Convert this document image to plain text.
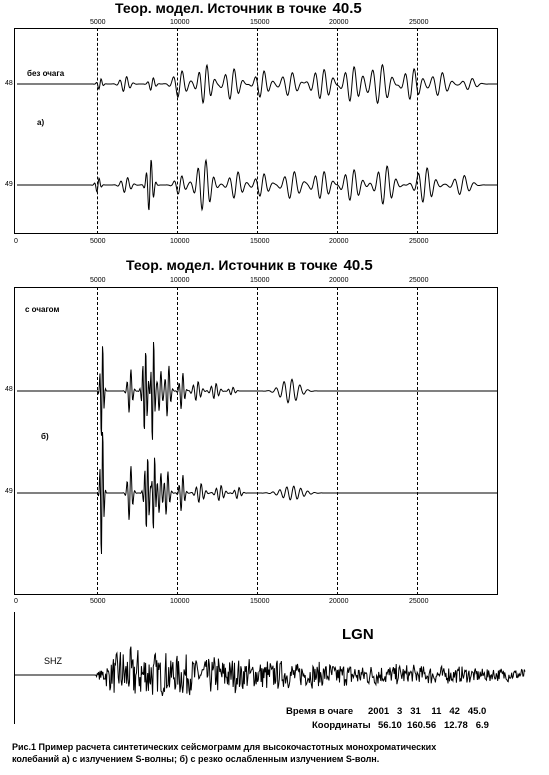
Теор. модел. Источник в точке 40.5
5000	10000	15000	20000	25000
без очага
а)
48
49
0	5000	10000	15000	20000	25000
Теор. модел. Источник в точке 40.5
5000	10000	15000	20000	25000
с очагом
б)
48
49
0	5000	10000	15000	20000	25000
LGN
SHZ
Время в очаге 2001   3   31    11   42   45.0
Координаты 56.10  160.56   12.78   6.9
Рис.1 Пример расчета синтетических сейсмограмм для высокочастотных монохроматических
колебаний а) с излучением S-волны; б) с резко ослабленным излучением S-волн.
